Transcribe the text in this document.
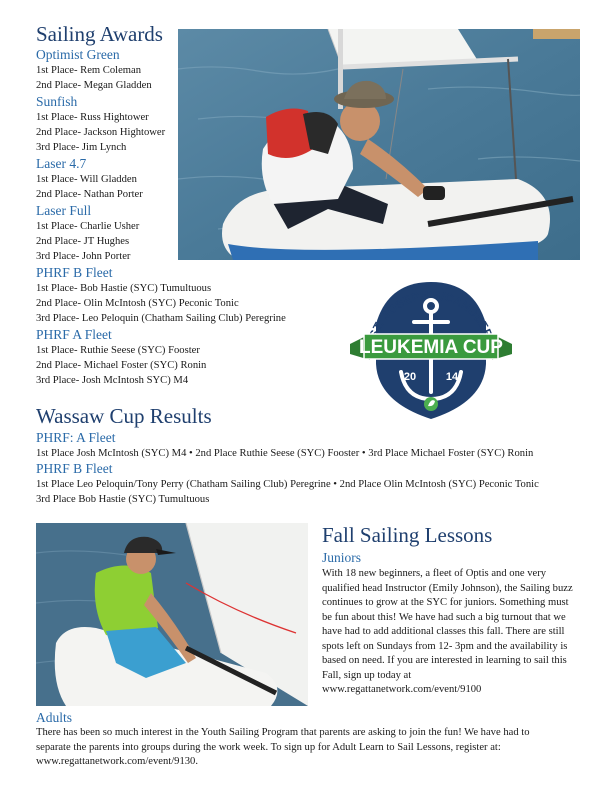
Sailing Awards
Optimist Green
1st Place- Rem Coleman
2nd Place- Megan Gladden
Sunfish
1st Place- Russ Hightower
2nd Place- Jackson Hightower
3rd Place- Jim Lynch
Laser 4.7
1st Place- Will Gladden
2nd Place- Nathan Porter
Laser Full
1st Place- Charlie Usher
2nd Place- JT Hughes
3rd Place- John Porter
PHRF B Fleet
1st Place- Bob Hastie (SYC) Tumultuous
2nd Place- Olin McIntosh (SYC) Peconic Tonic
3rd Place- Leo Peloquin (Chatham Sailing Club) Peregrine
PHRF A Fleet
1st Place- Ruthie Seese (SYC) Fooster
2nd Place- Michael Foster (SYC) Ronin
3rd Place- Josh McIntosh SYC) M4
T. JOSEPH'S/CANDLE
LEUKEMIA CUP
20	14
Wassaw Cup Results
PHRF: A Fleet
1st Place Josh McIntosh (SYC) M4 • 2nd Place Ruthie Seese (SYC) Fooster • 3rd Place Michael Foster (SYC) Ronin
PHRF B Fleet
1st Place Leo Peloquin/Tony Perry (Chatham Sailing Club) Peregrine • 2nd Place Olin McIntosh (SYC) Peconic Tonic
3rd Place Bob Hastie (SYC) Tumultuous
Fall Sailing Lessons
Juniors
With 18 new beginners, a fleet of Optis and one very
qualified head Instructor (Emily Johnson), the Sailing buzz
continues to grow at the SYC for juniors. Something must
be fun about this! We have had such a big turnout that we
have had to add additional classes this fall. There are still
spots left on Sundays from 12- 3pm and the availability is
based on need. If you are interested in learning to sail this
Fall, sign up today at
www.regattanetwork.com/event/9100
Adults
There has been so much interest in the Youth Sailing Program that parents are asking to join the fun! We have had to
separate the parents into groups during the work week. To sign up for Adult Learn to Sail Lessons, register at:
www.regattanetwork.com/event/9130.
